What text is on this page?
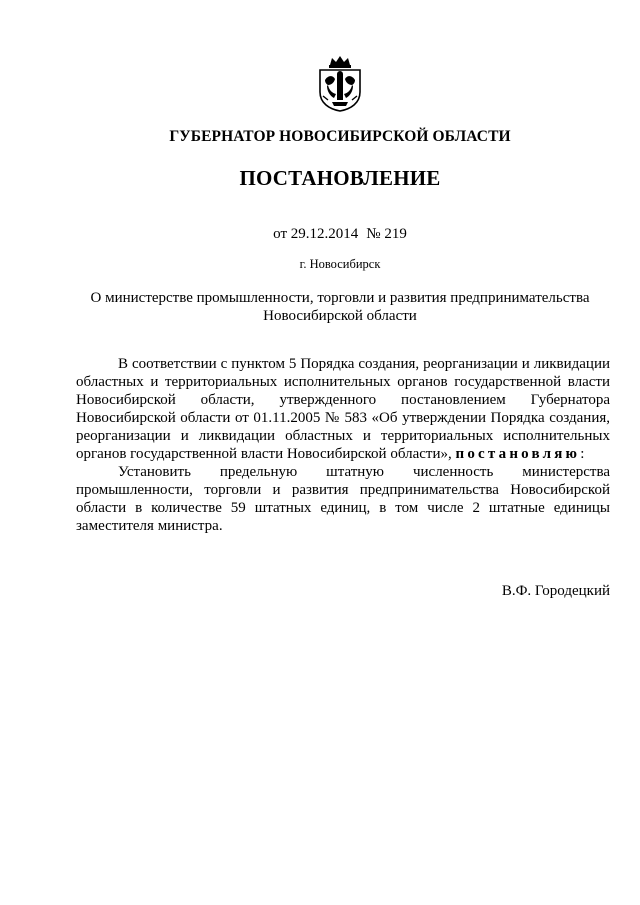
ГУБЕРНАТОР НОВОСИБИРСКОЙ ОБЛАСТИ
ПОСТАНОВЛЕНИЕ
от 29.12.2014 № 219
г. Новосибирск
О министерстве промышленности, торговли и развития предпринимательства Новосибирской области

В соответствии с пунктом 5 Порядка создания, реорганизации и ликвидации областных и территориальных исполнительных органов государственной власти Новосибирской области, утвержденного постановлением Губернатора Новосибирской области от 01.11.2005 № 583 «Об утверждении Порядка создания, реорганизации и ликвидации областных и территориальных исполнительных органов государственной власти Новосибирской области», постановляю:

Установить предельную штатную численность министерства промышленности, торговли и развития предпринимательства Новосибирской области в количестве 59 штатных единиц, в том числе 2 штатные единицы заместителя министра.

В.Ф. Городецкий
